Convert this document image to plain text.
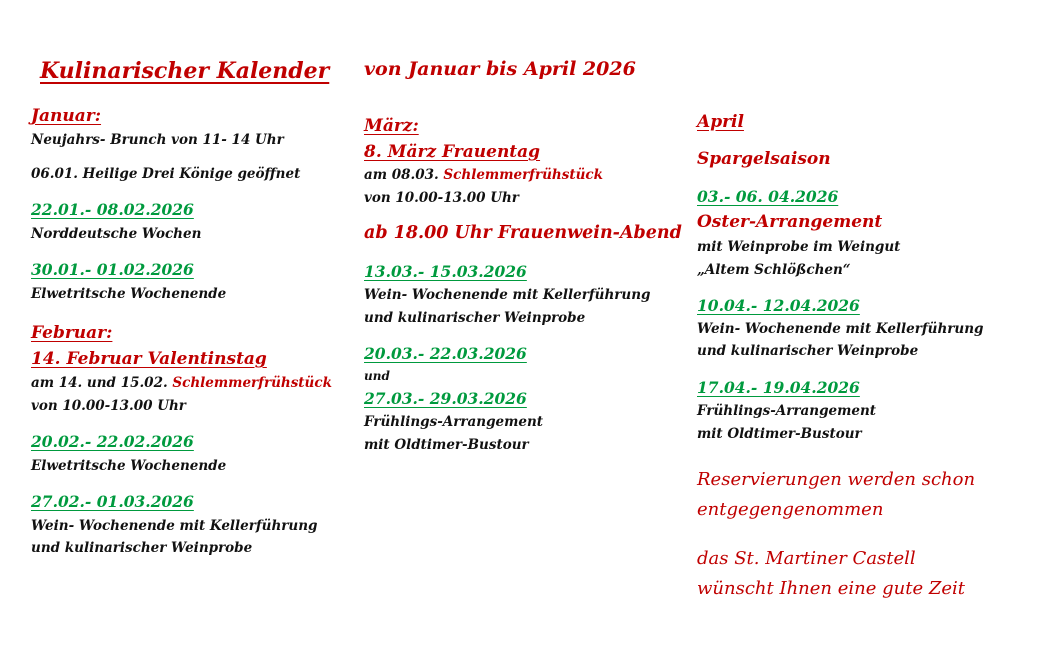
Kulinarischer Kalender von Januar bis April 2026
Januar:
Neujahrs- Brunch von 11- 14 Uhr
06.01. Heilige Drei Könige geöffnet
22.01.- 08.02.2026
Norddeutsche Wochen
30.01.- 01.02.2026
Elwetritsche Wochenende
Februar:
14. Februar Valentinstag
am 14. und 15.02. Schlemmerfrühstück
von 10.00-13.00 Uhr
20.02.- 22.02.2026
Elwetritsche Wochenende
27.02.- 01.03.2026
Wein- Wochenende mit Kellerführung
und kulinarischer Weinprobe
März:
8. März Frauentag
am 08.03. Schlemmerfrühstück
von 10.00-13.00 Uhr
ab 18.00 Uhr Frauenwein-Abend
13.03.- 15.03.2026
Wein- Wochenende mit Kellerführung
und kulinarischer Weinprobe
20.03.- 22.03.2026
und
27.03.- 29.03.2026
Frühlings-Arrangement
mit Oldtimer-Bustour
April
Spargelsaison
03.- 06. 04.2026
Oster-Arrangement
mit Weinprobe im Weingut
„Altem Schlößchen“
10.04.- 12.04.2026
Wein- Wochenende mit Kellerführung
und kulinarischer Weinprobe
17.04.- 19.04.2026
Frühlings-Arrangement
mit Oldtimer-Bustour
Reservierungen werden schon
entgegengenommen
das St. Martiner Castell
wünscht Ihnen eine gute Zeit
